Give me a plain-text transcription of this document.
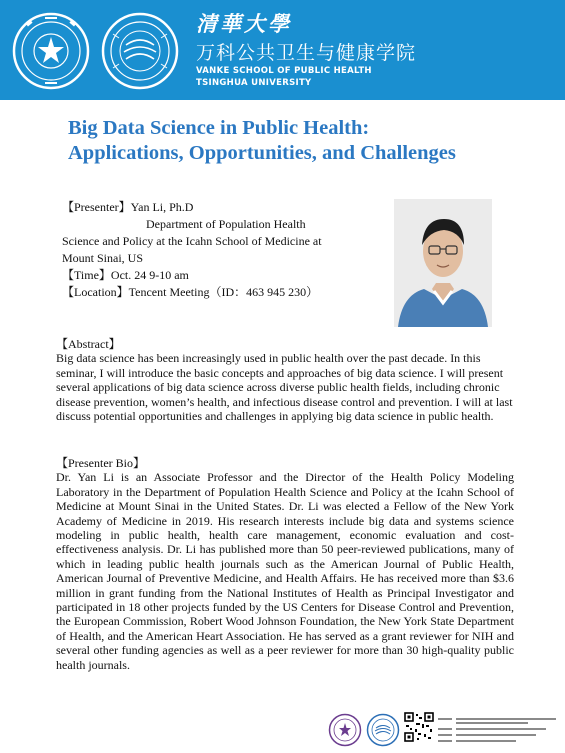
清華大學
万科公共卫生与健康学院
VANKE SCHOOL OF PUBLIC HEALTH
TSINGHUA UNIVERSITY
Big Data Science in Public Health: Applications, Opportunities, and Challenges
【Presenter】Yan Li, Ph.D
Department of Population Health
Science and Policy at the Icahn School of Medicine at
Mount Sinai, US
【Time】Oct. 24 9-10 am
【Location】Tencent Meeting（ID：463 945 230）
【Abstract】
Big data science has been increasingly used in public health over the past decade. In this seminar, I will introduce the basic concepts and approaches of big data science. I will present several applications of big data science across diverse public health fields, including chronic disease prevention, women’s health, and infectious disease control and prevention. I will at last discuss potential opportunities and challenges in applying big data science in public health.
【Presenter Bio】
Dr. Yan Li is an Associate Professor and the Director of the Health Policy Modeling Laboratory in the Department of Population Health Science and Policy at the Icahn School of Medicine at Mount Sinai in the United States. Dr. Li was elected a Fellow of the New York Academy of Medicine in 2019. His research interests include big data and systems science modeling in public health, health care management, economic evaluation and cost-effectiveness analysis. Dr. Li has published more than 50 peer-reviewed publications, many of which in leading public health journals such as the American Journal of Public Health, American Journal of Preventive Medicine, and Health Affairs. He has received more than $3.6 million in grant funding from the National Institutes of Health as Principal Investigator and participated in 18 other projects funded by the US Centers for Disease Control and Prevention, the European Commission, Robert Wood Johnson Foundation, the New York State Department of Health, and the American Heart Association. He has served as a grant reviewer for NIH and several other funding agencies as well as a peer reviewer for more than 30 high-quality public health journals.
